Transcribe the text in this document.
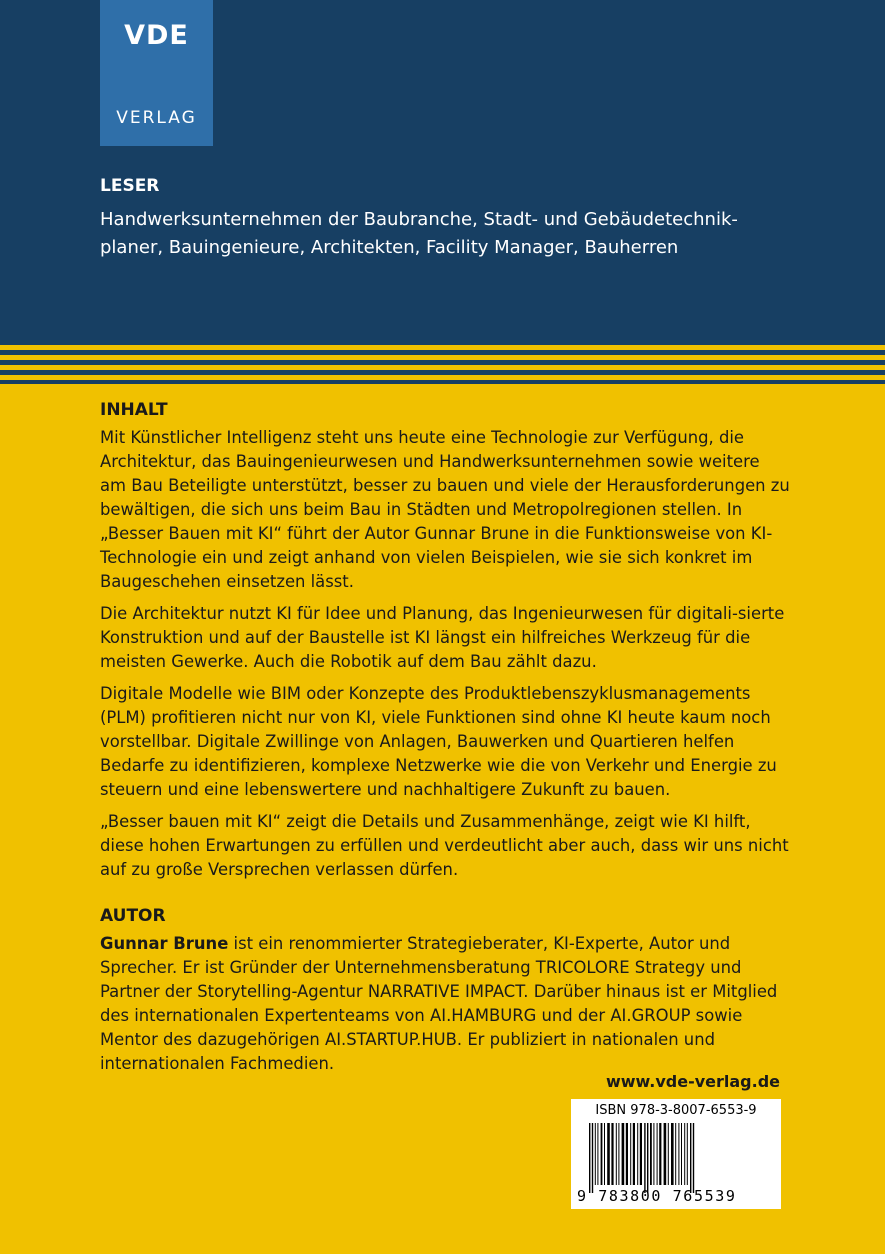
VDE
VERLAG
LESER

Handwerksunternehmen der Baubranche, Stadt- und Gebäudetechnik-planer, Bauingenieure, Architekten, Facility Manager, Bauherren

INHALT

Mit Künstlicher Intelligenz steht uns heute eine Technologie zur Verfügung, die Architektur, das Bauingenieurwesen und Handwerksunternehmen sowie weitere am Bau Beteiligte unterstützt, besser zu bauen und viele der Herausforderungen zu bewältigen, die sich uns beim Bau in Städten und Metropolregionen stellen. In „Besser Bauen mit KI“ führt der Autor Gunnar Brune in die Funktionsweise von KI-Technologie ein und zeigt anhand von vielen Beispielen, wie sie sich konkret im Baugeschehen einsetzen lässt.

Die Architektur nutzt KI für Idee und Planung, das Ingenieurwesen für digitali-sierte Konstruktion und auf der Baustelle ist KI längst ein hilfreiches Werkzeug für die meisten Gewerke. Auch die Robotik auf dem Bau zählt dazu.

Digitale Modelle wie BIM oder Konzepte des Produktlebenszyklusmanagements (PLM) profitieren nicht nur von KI, viele Funktionen sind ohne KI heute kaum noch vorstellbar. Digitale Zwillinge von Anlagen, Bauwerken und Quartieren helfen Bedarfe zu identifizieren, komplexe Netzwerke wie die von Verkehr und Energie zu steuern und eine lebenswertere und nachhaltigere Zukunft zu bauen.

„Besser bauen mit KI“ zeigt die Details und Zusammenhänge, zeigt wie KI hilft, diese hohen Erwartungen zu erfüllen und verdeutlicht aber auch, dass wir uns nicht auf zu große Versprechen verlassen dürfen.

AUTOR

Gunnar Brune ist ein renommierter Strategieberater, KI-Experte, Autor und Sprecher. Er ist Gründer der Unternehmensberatung TRICOLORE Strategy und Partner der Storytelling-Agentur NARRATIVE IMPACT. Darüber hinaus ist er Mitglied des internationalen Expertenteams von AI.HAMBURG und der AI.GROUP sowie Mentor des dazugehörigen AI.STARTUP.HUB. Er publiziert in nationalen und internationalen Fachmedien.

www.vde-verlag.de

ISBN 978-3-8007-6553-9

9 783800 765539
